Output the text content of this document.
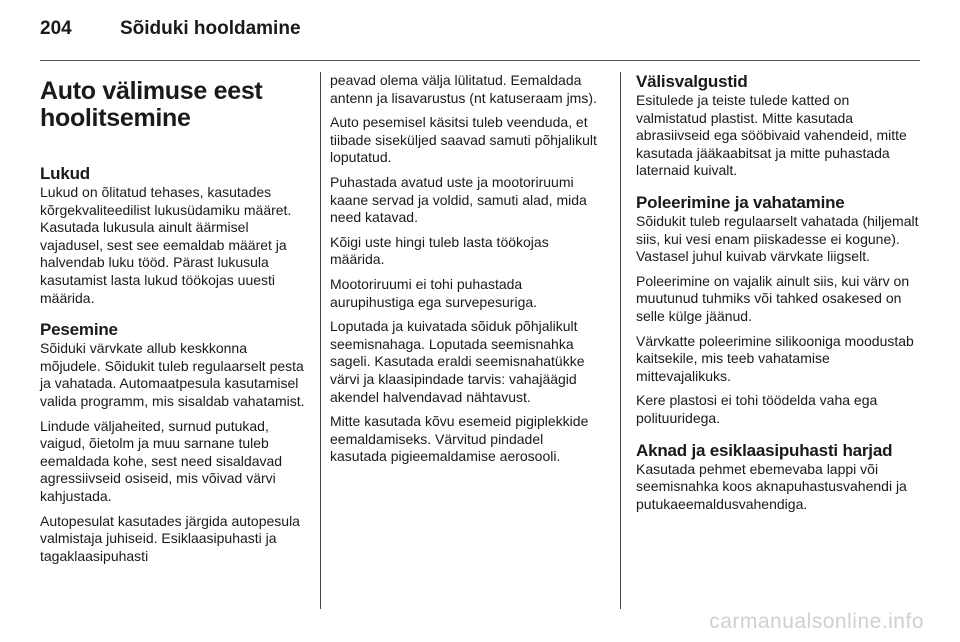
204	Sõiduki hooldamine
Auto välimuse eest hoolitsemine
Lukud

Lukud on õlitatud tehases, kasutades kõrgekvaliteedilist lukusüdamiku määret. Kasutada lukusula ainult äärmisel vajadusel, sest see eemaldab määret ja halvendab luku tööd. Pärast lukusula kasutamist lasta lukud töökojas uuesti määrida.

Pesemine

Sõiduki värvkate allub keskkonna mõjudele. Sõidukit tuleb regulaarselt pesta ja vahatada. Automaatpesula kasutamisel valida programm, mis sisaldab vahatamist.

Lindude väljaheited, surnud putukad, vaigud, õietolm ja muu sarnane tuleb eemaldada kohe, sest need sisaldavad agressiivseid osiseid, mis võivad värvi kahjustada.

Autopesulat kasutades järgida autopesula valmistaja juhiseid. Esiklaasipuhasti ja tagaklaasipuhasti

peavad olema välja lülitatud. Eemaldada antenn ja lisavarustus (nt katuseraam jms).

Auto pesemisel käsitsi tuleb veenduda, et tiibade siseküljed saavad samuti põhjalikult loputatud.

Puhastada avatud uste ja mootoriruumi kaane servad ja voldid, samuti alad, mida need katavad.

Kõigi uste hingi tuleb lasta töökojas määrida.

Mootoriruumi ei tohi puhastada aurupihustiga ega survepesuriga.

Loputada ja kuivatada sõiduk põhjalikult seemisnahaga. Loputada seemisnahka sageli. Kasutada eraldi seemisnahatükke värvi ja klaasipindade tarvis: vahajäägid akendel halvendavad nähtavust.

Mitte kasutada kõvu esemeid pigiplekkide eemaldamiseks. Värvitud pindadel kasutada pigieemaldamise aerosooli.

Välisvalgustid

Esitulede ja teiste tulede katted on valmistatud plastist. Mitte kasutada abrasiivseid ega sööbivaid vahendeid, mitte kasutada jääkaabitsat ja mitte puhastada laternaid kuivalt.

Poleerimine ja vahatamine

Sõidukit tuleb regulaarselt vahatada (hiljemalt siis, kui vesi enam piiskadesse ei kogune). Vastasel juhul kuivab värvkate liigselt.

Poleerimine on vajalik ainult siis, kui värv on muutunud tuhmiks või tahked osakesed on selle külge jäänud.

Värvkatte poleerimine silikooniga moodustab kaitsekile, mis teeb vahatamise mittevajalikuks.

Kere plastosi ei tohi töödelda vaha ega polituuridega.

Aknad ja esiklaasipuhasti harjad

Kasutada pehmet ebemevaba lappi või seemisnahka koos aknapuhastusvahendi ja putukaeemaldusvahendiga.

carmanualsonline.info
